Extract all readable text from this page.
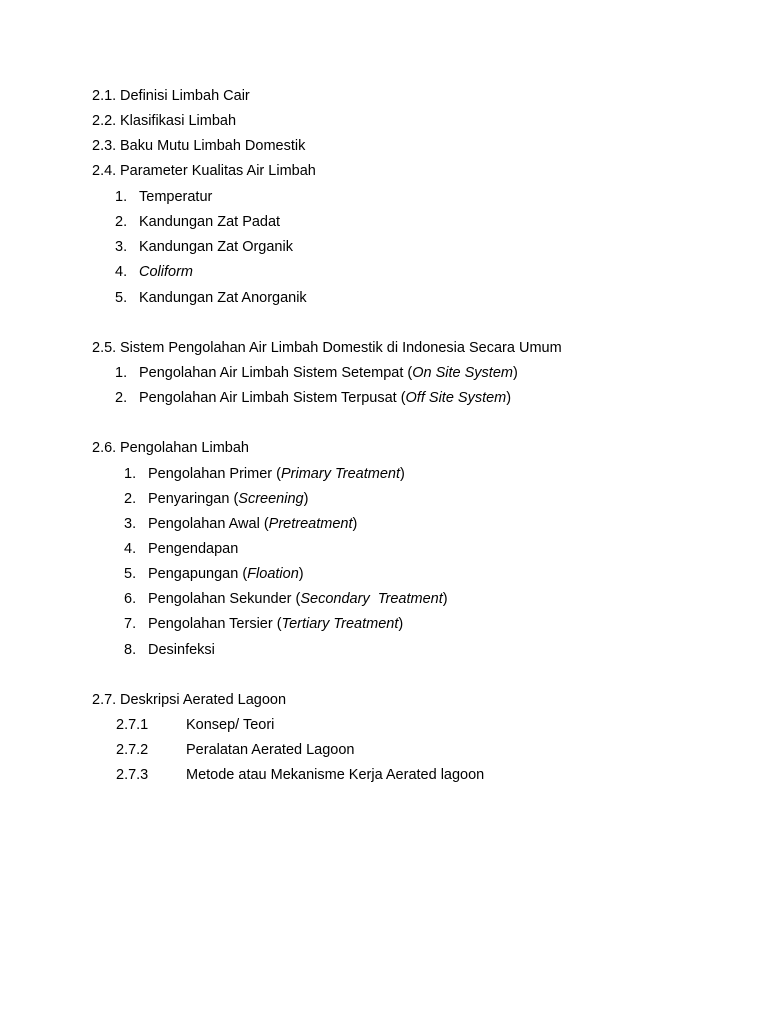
2.1. Definisi Limbah Cair
2.2. Klasifikasi Limbah
2.3. Baku Mutu Limbah Domestik
2.4. Parameter Kualitas Air Limbah
1. Temperatur
2. Kandungan Zat Padat
3. Kandungan Zat Organik
4. Coliform
5. Kandungan Zat Anorganik
2.5. Sistem Pengolahan Air Limbah Domestik di Indonesia Secara Umum
1. Pengolahan Air Limbah Sistem Setempat (On Site System)
2. Pengolahan Air Limbah Sistem Terpusat (Off Site System)
2.6. Pengolahan Limbah
1. Pengolahan Primer (Primary Treatment)
2. Penyaringan (Screening)
3. Pengolahan Awal (Pretreatment)
4. Pengendapan
5. Pengapungan (Floation)
6. Pengolahan Sekunder (Secondary  Treatment)
7. Pengolahan Tersier (Tertiary Treatment)
8. Desinfeksi
2.7. Deskripsi Aerated Lagoon
2.7.1	Konsep/ Teori
2.7.2	Peralatan Aerated Lagoon
2.7.3	Metode atau Mekanisme Kerja Aerated lagoon
